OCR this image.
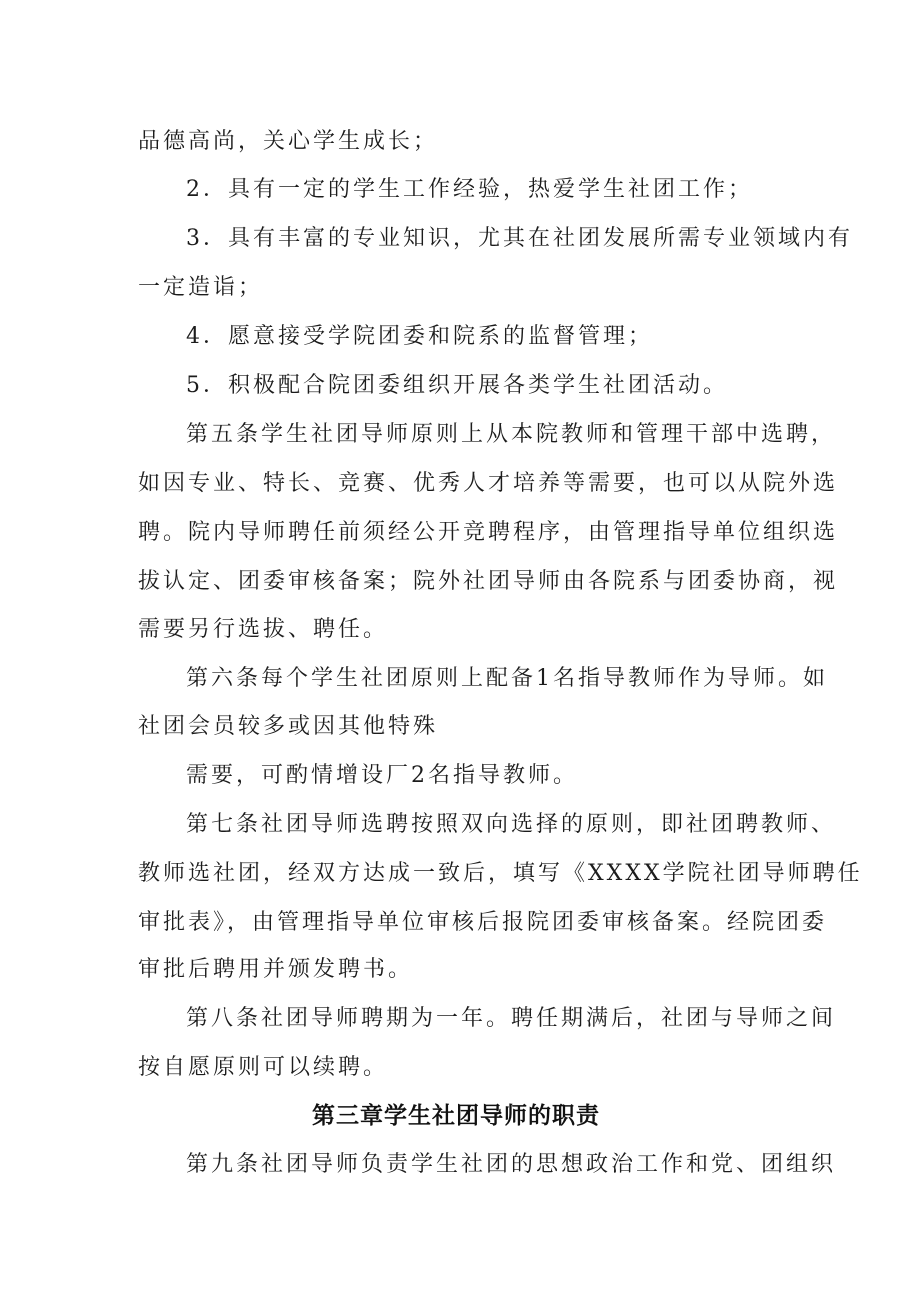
品德高尚，关心学生成长；
2．具有一定的学生工作经验，热爱学生社团工作；
3．具有丰富的专业知识，尤其在社团发展所需专业领域内有
一定造诣；
4．愿意接受学院团委和院系的监督管理；
5．积极配合院团委组织开展各类学生社团活动。
第五条学生社团导师原则上从本院教师和管理干部中选聘，
如因专业、特长、竞赛、优秀人才培养等需要，也可以从院外选
聘。院内导师聘任前须经公开竞聘程序，由管理指导单位组织选
拔认定、团委审核备案；院外社团导师由各院系与团委协商，视
需要另行选拔、聘任。
第六条每个学生社团原则上配备1名指导教师作为导师。如
社团会员较多或因其他特殊
需要，可酌情增设厂2名指导教师。
第七条社团导师选聘按照双向选择的原则，即社团聘教师、
教师选社团，经双方达成一致后，填写《XXXX学院社团导师聘任
审批表》，由管理指导单位审核后报院团委审核备案。经院团委
审批后聘用并颁发聘书。
第八条社团导师聘期为一年。聘任期满后，社团与导师之间
按自愿原则可以续聘。
第三章学生社团导师的职责
第九条社团导师负责学生社团的思想政治工作和党、团组织
